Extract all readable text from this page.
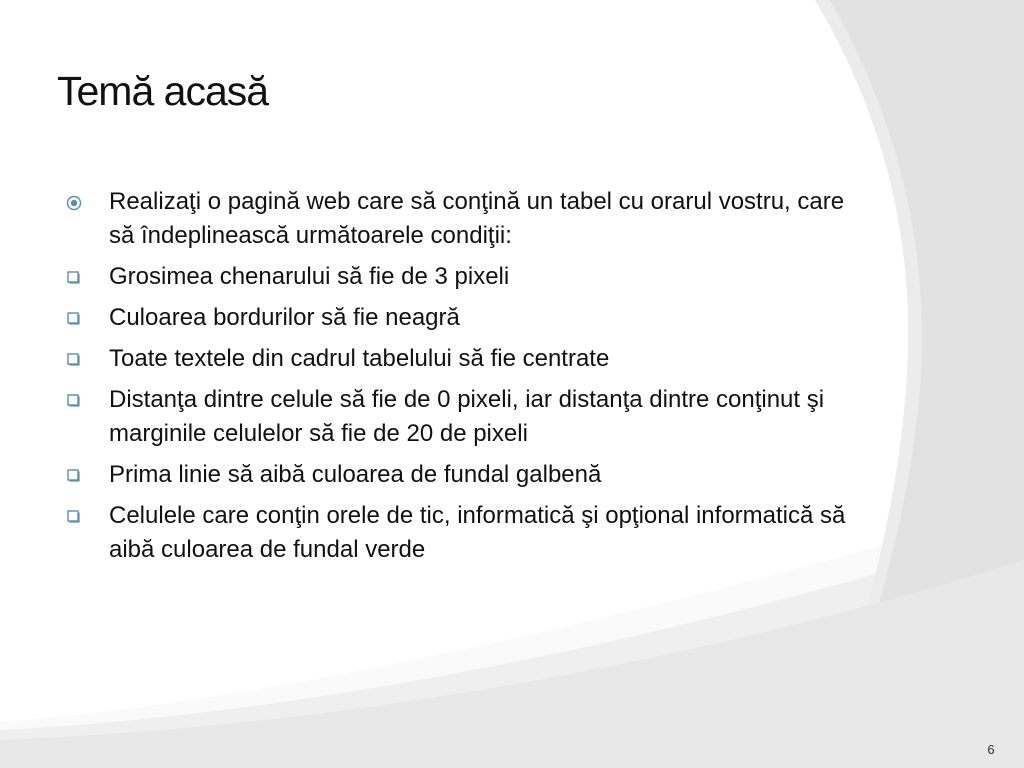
Temă acasă
Realizaţi o pagină web care să conţină un tabel cu orarul vostru, care să îndeplinească următoarele condiţii:
Grosimea chenarului să fie de 3 pixeli
Culoarea bordurilor să fie neagră
Toate textele din cadrul tabelului să fie centrate
Distanţa dintre celule să fie de 0 pixeli, iar distanţa dintre conţinut şi marginile celulelor să fie de 20 de pixeli
Prima linie să aibă culoarea de fundal galbenă
Celulele care conţin orele de tic, informatică şi opţional informatică să aibă culoarea de fundal verde
6
